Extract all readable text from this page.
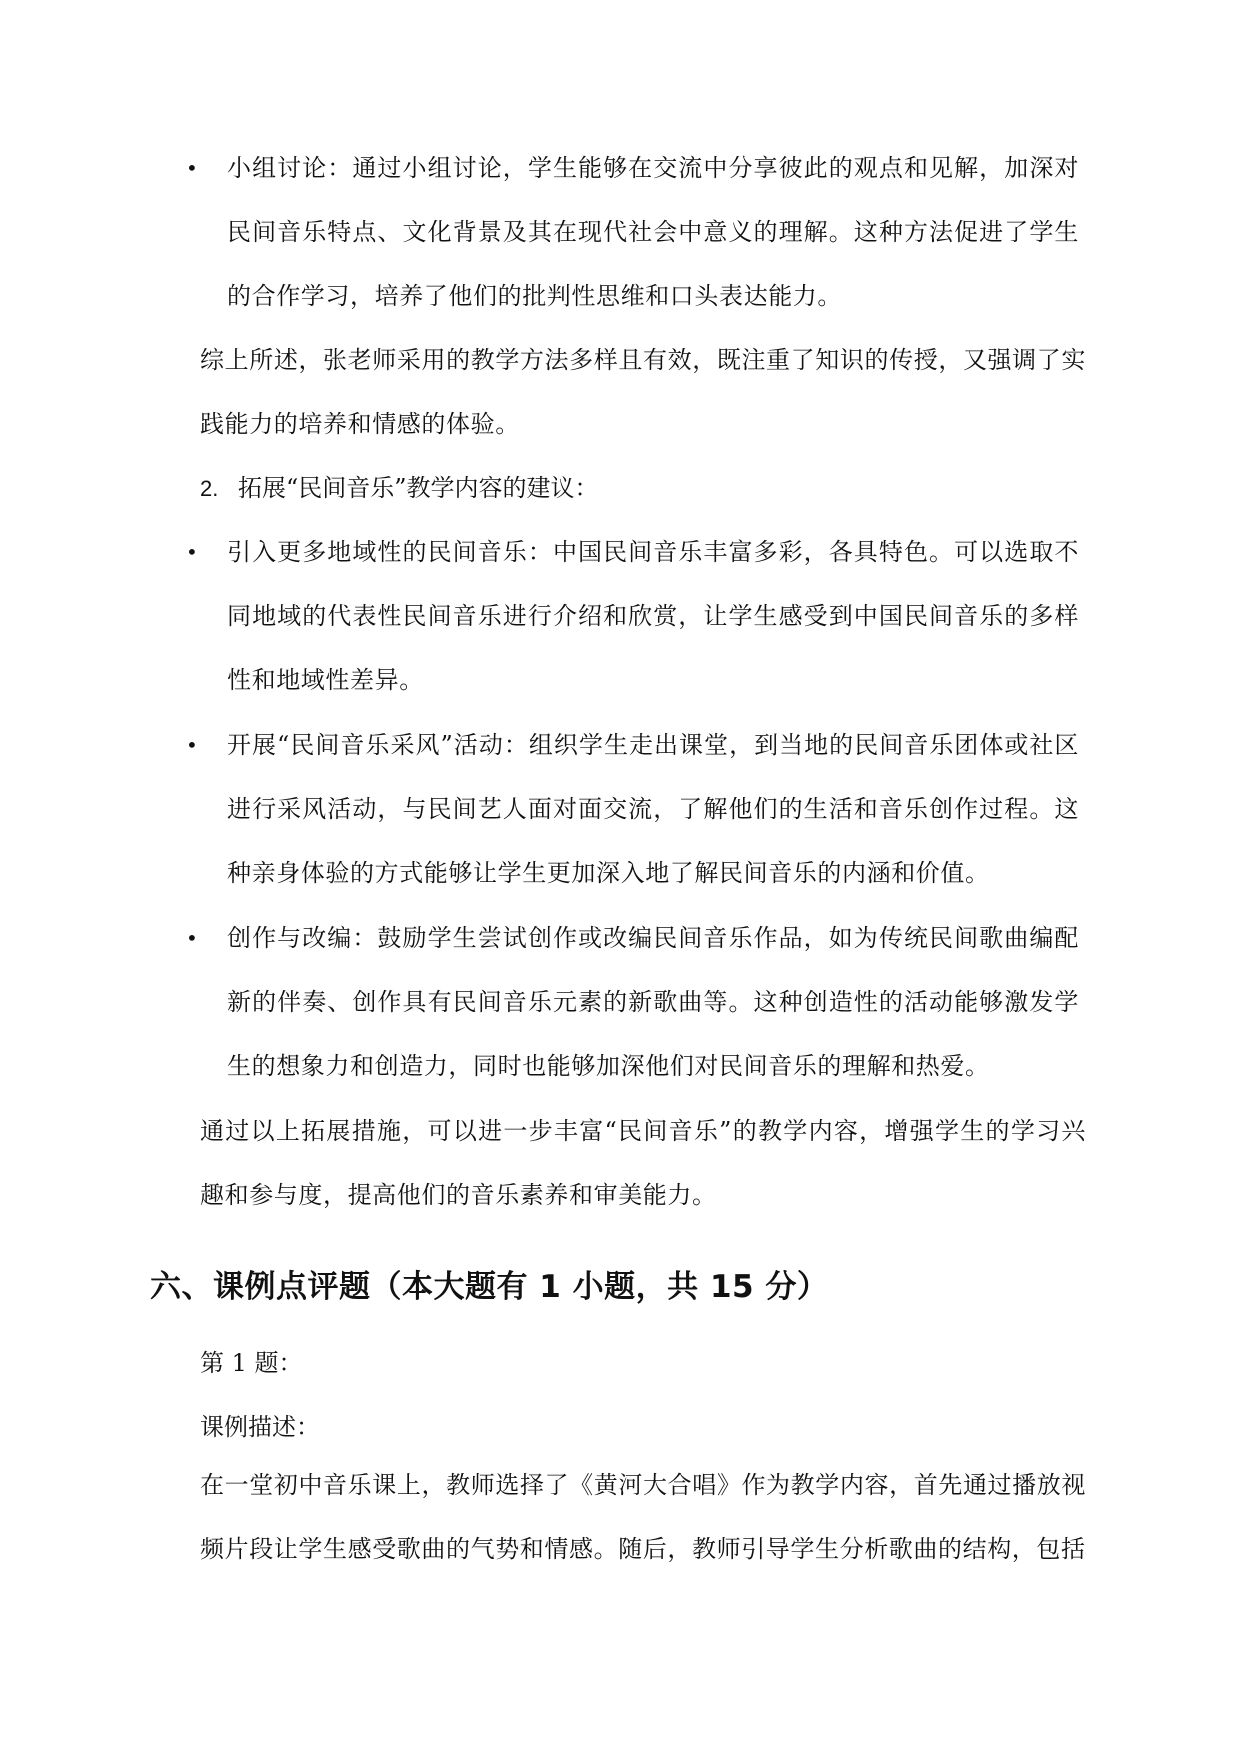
•	小组讨论：通过小组讨论，学生能够在交流中分享彼此的观点和见解，加深对民间音乐特点、文化背景及其在现代社会中意义的理解。这种方法促进了学生的合作学习，培养了他们的批判性思维和口头表达能力。
综上所述，张老师采用的教学方法多样且有效，既注重了知识的传授，又强调了实践能力的培养和情感的体验。
2. 拓展“民间音乐”教学内容的建议：
•	引入更多地域性的民间音乐：中国民间音乐丰富多彩，各具特色。可以选取不同地域的代表性民间音乐进行介绍和欣赏，让学生感受到中国民间音乐的多样性和地域性差异。
•	开展“民间音乐采风”活动：组织学生走出课堂，到当地的民间音乐团体或社区进行采风活动，与民间艺人面对面交流，了解他们的生活和音乐创作过程。这种亲身体验的方式能够让学生更加深入地了解民间音乐的内涵和价值。
•	创作与改编：鼓励学生尝试创作或改编民间音乐作品，如为传统民间歌曲编配新的伴奏、创作具有民间音乐元素的新歌曲等。这种创造性的活动能够激发学生的想象力和创造力，同时也能够加深他们对民间音乐的理解和热爱。
通过以上拓展措施，可以进一步丰富“民间音乐”的教学内容，增强学生的学习兴趣和参与度，提高他们的音乐素养和审美能力。
六、课例点评题（本大题有 1 小题，共 15 分）
第 1 题：
课例描述：
在一堂初中音乐课上，教师选择了《黄河大合唱》作为教学内容，首先通过播放视频片段让学生感受歌曲的气势和情感。随后，教师引导学生分析歌曲的结构，包括
